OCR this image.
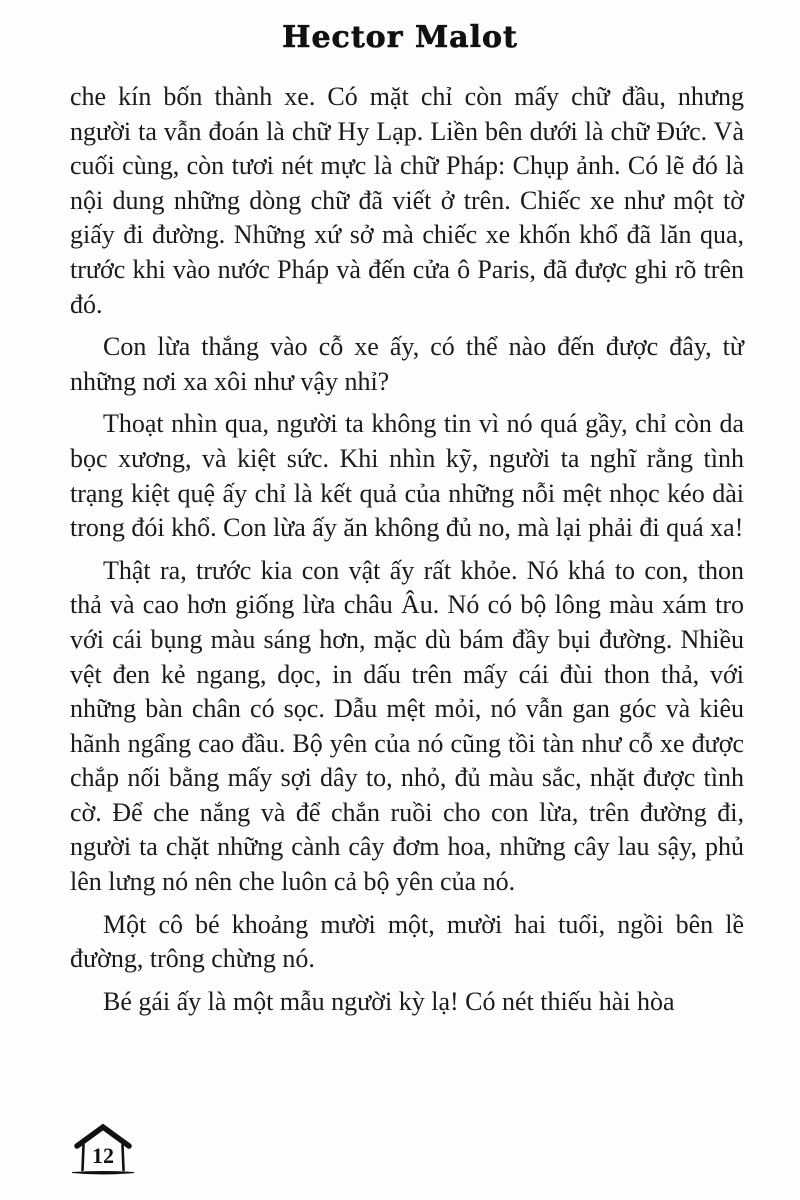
Hector Malot

che kín bốn thành xe. Có mặt chỉ còn mấy chữ đầu, nhưng người ta vẫn đoán là chữ Hy Lạp. Liền bên dưới là chữ Đức. Và cuối cùng, còn tươi nét mực là chữ Pháp: Chụp ảnh. Có lẽ đó là nội dung những dòng chữ đã viết ở trên. Chiếc xe như một tờ giấy đi đường. Những xứ sở mà chiếc xe khốn khổ đã lăn qua, trước khi vào nước Pháp và đến cửa ô Paris, đã được ghi rõ trên đó.

Con lừa thắng vào cỗ xe ấy, có thể nào đến được đây, từ những nơi xa xôi như vậy nhỉ?

Thoạt nhìn qua, người ta không tin vì nó quá gầy, chỉ còn da bọc xương, và kiệt sức. Khi nhìn kỹ, người ta nghĩ rằng tình trạng kiệt quệ ấy chỉ là kết quả của những nỗi mệt nhọc kéo dài trong đói khổ. Con lừa ấy ăn không đủ no, mà lại phải đi quá xa!

Thật ra, trước kia con vật ấy rất khỏe. Nó khá to con, thon thả và cao hơn giống lừa châu Âu. Nó có bộ lông màu xám tro với cái bụng màu sáng hơn, mặc dù bám đầy bụi đường. Nhiều vệt đen kẻ ngang, dọc, in dấu trên mấy cái đùi thon thả, với những bàn chân có sọc. Dẫu mệt mỏi, nó vẫn gan góc và kiêu hãnh ngẩng cao đầu. Bộ yên của nó cũng tồi tàn như cỗ xe được chắp nối bằng mấy sợi dây to, nhỏ, đủ màu sắc, nhặt được tình cờ. Để che nắng và để chắn ruồi cho con lừa, trên đường đi, người ta chặt những cành cây đơm hoa, những cây lau sậy, phủ lên lưng nó nên che luôn cả bộ yên của nó.

Một cô bé khoảng mười một, mười hai tuổi, ngồi bên lề đường, trông chừng nó.

Bé gái ấy là một mẫu người kỳ lạ! Có nét thiếu hài hòa

12
